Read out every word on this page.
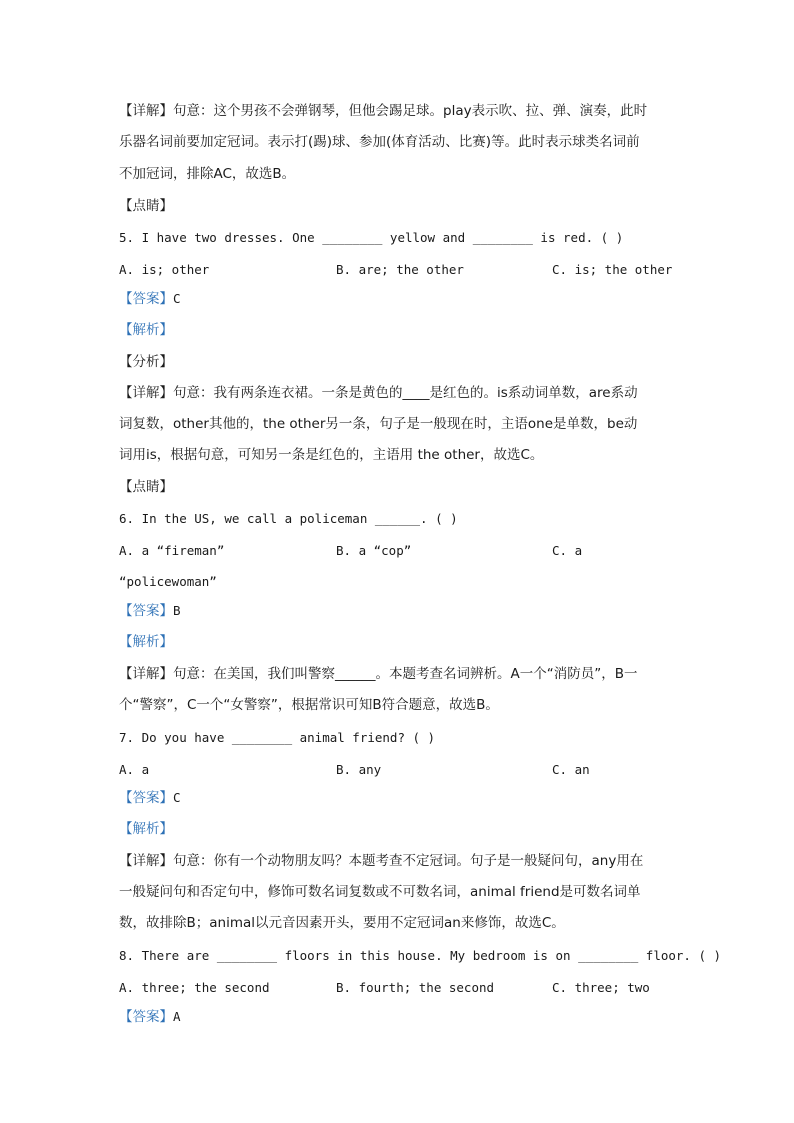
【详解】句意：这个男孩不会弹钢琴，但他会踢足球。play表示吹、拉、弹、演奏，此时
乐器名词前要加定冠词。表示打(踢)球、参加(体育活动、比赛)等。此时表示球类名词前
不加冠词，排除AC，故选B。
【点睛】
5. I have two dresses. One ________ yellow and ________ is red. ( )
A. is; other	B. are; the other	C. is; the other
【答案】C
【解析】
【分析】
【详解】句意：我有两条连衣裙。一条是黄色的____是红色的。is系动词单数，are系动
词复数，other其他的，the other另一条，句子是一般现在时，主语one是单数，be动
词用is，根据句意，可知另一条是红色的，主语用 the other，故选C。
【点睛】
6. In the US, we call a policeman ______. ( )
A. a “fireman”	B. a “cop”	C. a
“policewoman”
【答案】B
【解析】
【详解】句意：在美国，我们叫警察______。本题考查名词辨析。A一个“消防员”，B一
个“警察”，C一个“女警察”，根据常识可知B符合题意，故选B。
7. Do you have ________ animal friend? ( )
A. a	B. any	C. an
【答案】C
【解析】
【详解】句意：你有一个动物朋友吗？本题考查不定冠词。句子是一般疑问句，any用在
一般疑问句和否定句中，修饰可数名词复数或不可数名词，animal friend是可数名词单
数，故排除B；animal以元音因素开头，要用不定冠词an来修饰，故选C。
8. There are ________ floors in this house. My bedroom is on ________ floor. ( )
A. three; the second	B. fourth; the second	C. three; two
【答案】A
